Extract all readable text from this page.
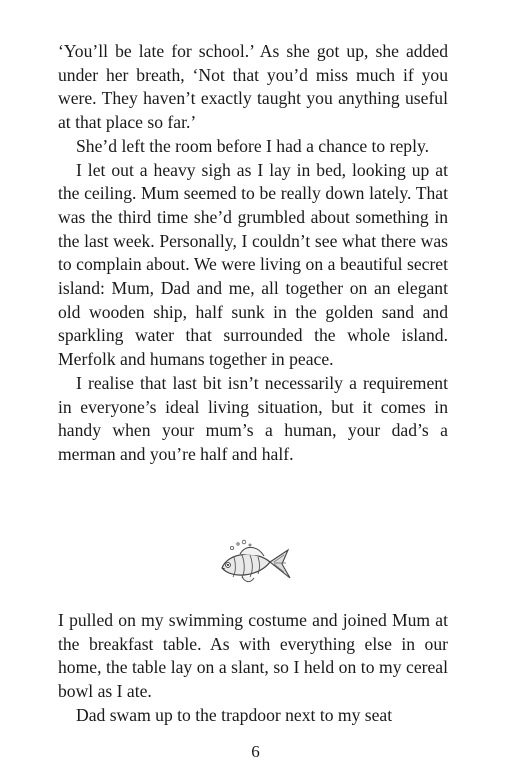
‘You’ll be late for school.’ As she got up, she added under her breath, ‘Not that you’d miss much if you were. They haven’t exactly taught you anything useful at that place so far.’

She’d left the room before I had a chance to reply.

I let out a heavy sigh as I lay in bed, looking up at the ceiling. Mum seemed to be really down lately. That was the third time she’d grumbled about something in the last week. Personally, I couldn’t see what there was to complain about. We were living on a beautiful secret island: Mum, Dad and me, all together on an elegant old wooden ship, half sunk in the golden sand and sparkling water that surrounded the whole island. Merfolk and humans together in peace.

I realise that last bit isn’t necessarily a requirement in everyone’s ideal living situation, but it comes in handy when your mum’s a human, your dad’s a merman and you’re half and half.

I pulled on my swimming costume and joined Mum at the breakfast table. As with everything else in our home, the table lay on a slant, so I held on to my cereal bowl as I ate.

Dad swam up to the trapdoor next to my seat

6
